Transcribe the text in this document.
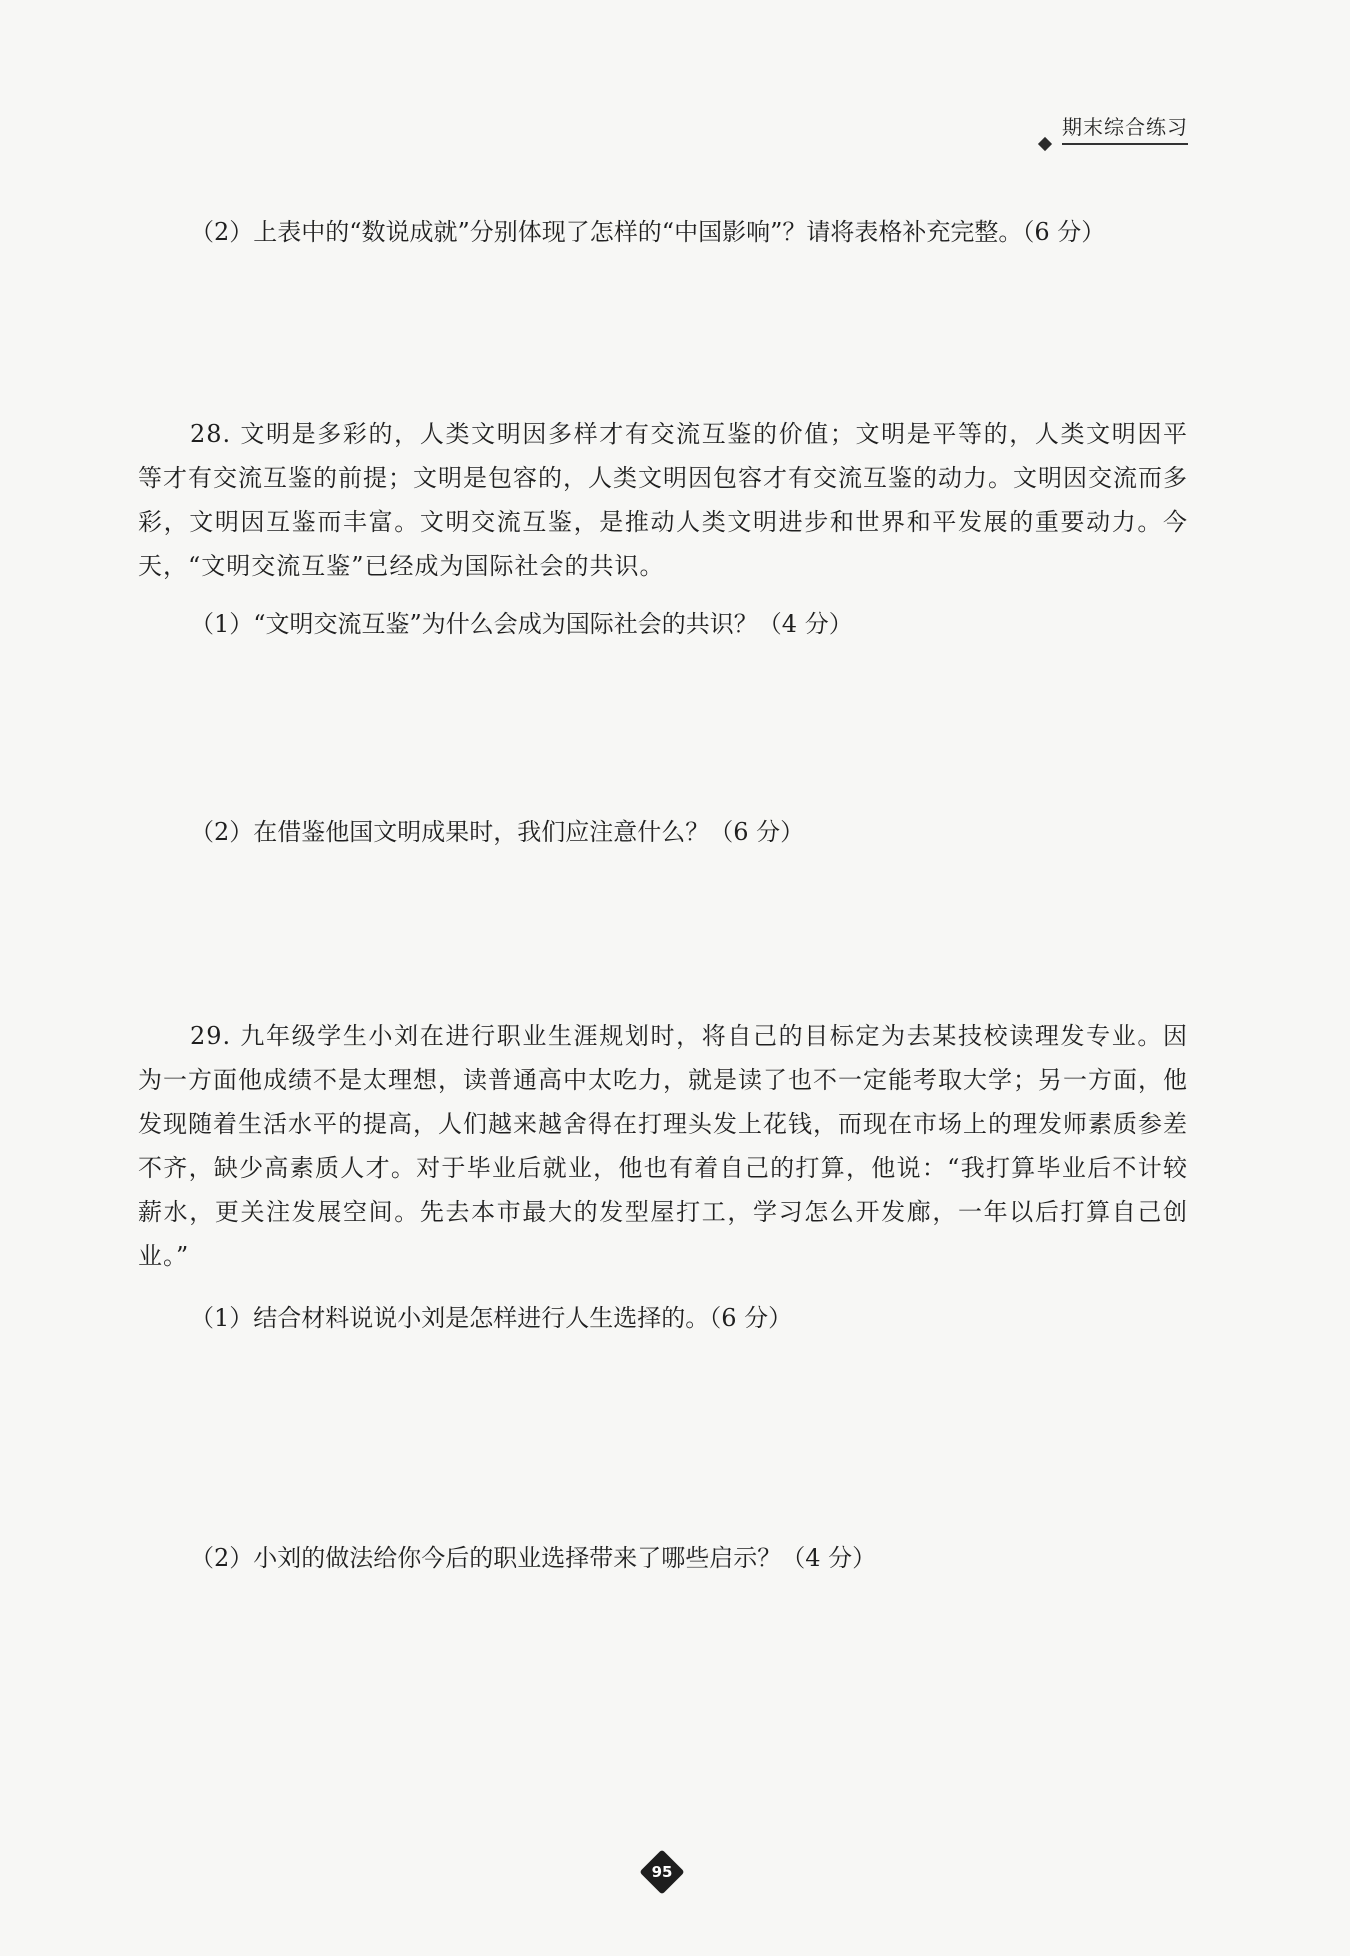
期末综合练习
（2）上表中的“数说成就”分别体现了怎样的“中国影响”？请将表格补充完整。（6 分）

28. 文明是多彩的，人类文明因多样才有交流互鉴的价值；文明是平等的，人类文明因平等才有交流互鉴的前提；文明是包容的，人类文明因包容才有交流互鉴的动力。文明因交流而多彩，文明因互鉴而丰富。文明交流互鉴，是推动人类文明进步和世界和平发展的重要动力。今天，“文明交流互鉴”已经成为国际社会的共识。

（1）“文明交流互鉴”为什么会成为国际社会的共识？（4 分）
（2）在借鉴他国文明成果时，我们应注意什么？（6 分）

29. 九年级学生小刘在进行职业生涯规划时，将自己的目标定为去某技校读理发专业。因为一方面他成绩不是太理想，读普通高中太吃力，就是读了也不一定能考取大学；另一方面，他发现随着生活水平的提高，人们越来越舍得在打理头发上花钱，而现在市场上的理发师素质参差不齐，缺少高素质人才。对于毕业后就业，他也有着自己的打算，他说：“我打算毕业后不计较薪水，更关注发展空间。先去本市最大的发型屋打工，学习怎么开发廊，一年以后打算自己创业。”

（1）结合材料说说小刘是怎样进行人生选择的。（6 分）
（2）小刘的做法给你今后的职业选择带来了哪些启示？（4 分）
95
